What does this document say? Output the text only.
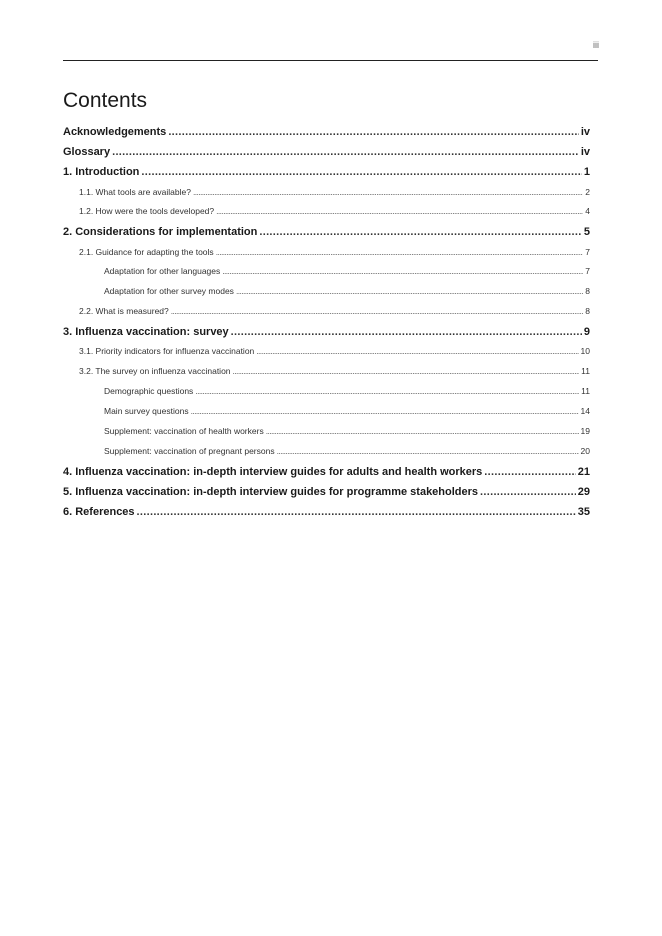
iii
Contents
Acknowledgements .....	iv
Glossary .....	iv
1. Introduction .....	1
1.1. What tools are available? .....	2
1.2. How were the tools developed? .....	4
2. Considerations for implementation .....	5
2.1. Guidance for adapting the tools .....	7
Adaptation for other languages .....	7
Adaptation for other survey modes .....	8
2.2. What is measured? .....	8
3. Influenza vaccination: survey .....	9
3.1. Priority indicators for influenza vaccination .....	10
3.2. The survey on influenza vaccination .....	11
Demographic questions .....	11
Main survey questions .....	14
Supplement: vaccination of health workers .....	19
Supplement: vaccination of pregnant persons .....	20
4. Influenza vaccination: in-depth interview guides for adults and health workers .....	21
5. Influenza vaccination: in-depth interview guides for programme stakeholders .....	29
6. References .....	35
